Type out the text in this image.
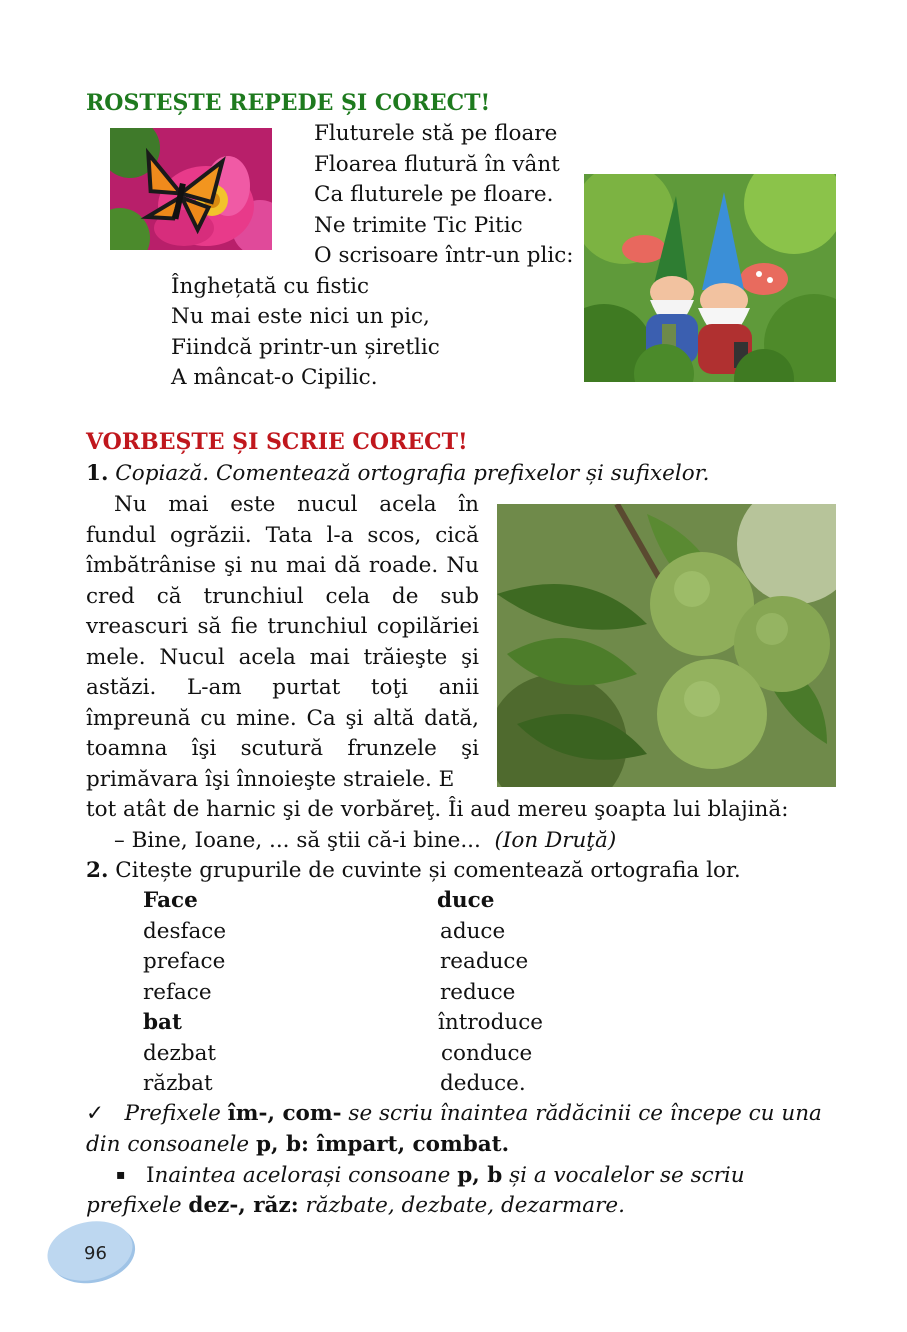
ROSTEȘTE REPEDE ȘI CORECT!
Fluturele stă pe floare
Floarea flutură în vânt
Ca fluturele pe floare.
Ne trimite Tic Pitic
O scrisoare într-un plic:
Înghețată cu fistic
Nu mai este nici un pic,
Fiindcă printr-un șiretlic
A mâncat-o Cipilic.
VORBEȘTE ȘI SCRIE CORECT!
1. Copiază. Comentează ortografia prefixelor și sufixelor.
Nu mai este nucul acela în fundul ogrăzii. Tata l-a scos, cică îmbătrânise şi nu mai dă roade. Nu cred că trunchiul cela de sub vreascuri să fie trunchiul copilăriei mele. Nucul acela mai trăieşte şi astăzi. L-am purtat toţi anii împreună cu mine. Ca şi altă dată, toamna îşi scutură frunzele şi primăvara îşi înnoieşte straiele. E
tot atât de harnic şi de vorbăreţ. Îi aud mereu şoapta lui blajină:
– Bine, Ioane, ... să ştii că-i bine... (Ion Druţă)
2. Citește grupurile de cuvinte și comentează ortografia lor.
Face
desface
preface
reface
bat
dezbat
răzbat
duce
aduce
readuce
reduce
întroduce
conduce
deduce.
✓ Prefixele îm-, com- se scriu înaintea rădăcinii ce începe cu una
din consoanele p, b: împart, combat.
▪ Inaintea acelorași consoane p, b și a vocalelor se scriu
prefixele dez-, răz: răzbate, dezbate, dezarmare.
96
